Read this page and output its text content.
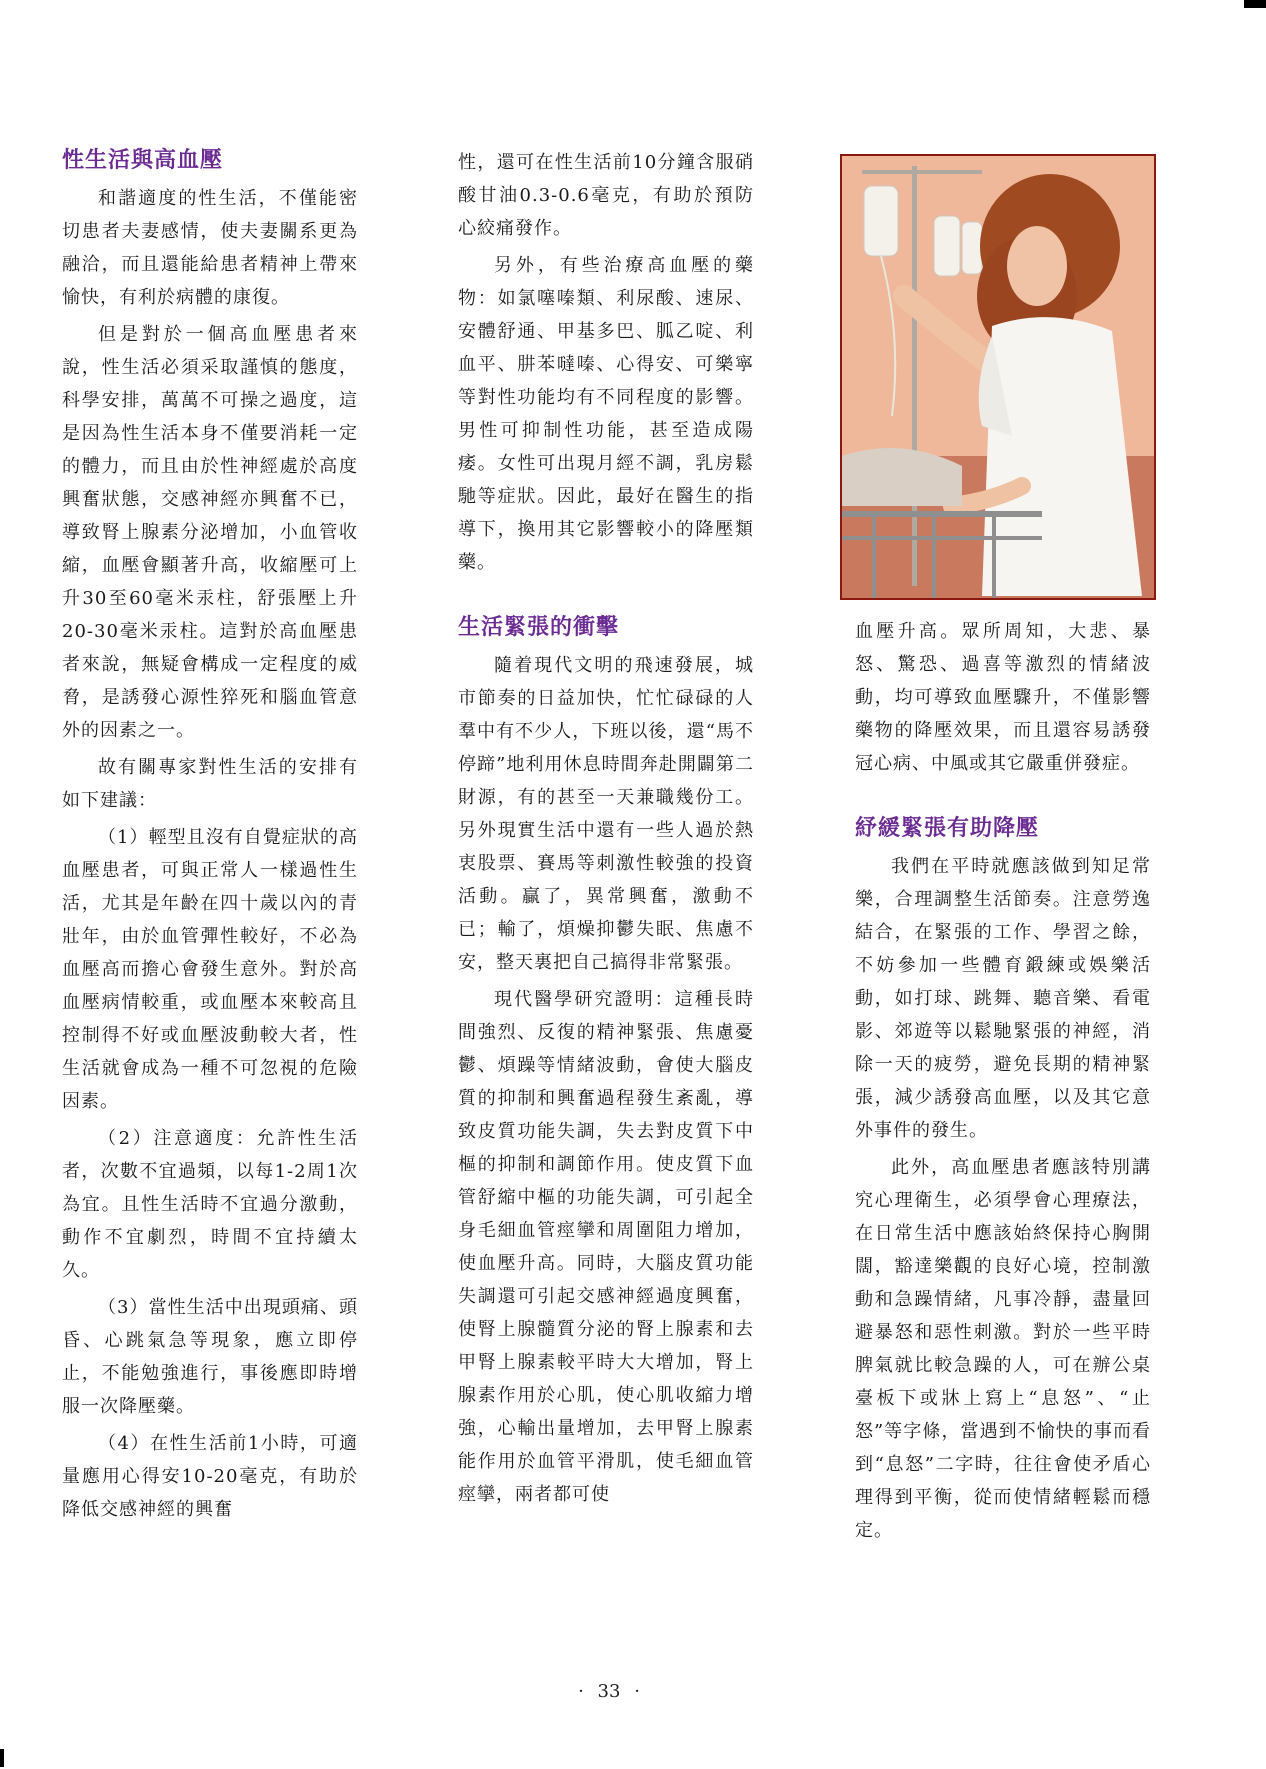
性生活與高血壓

和諧適度的性生活，不僅能密切患者夫妻感情，使夫妻關系更為融洽，而且還能給患者精神上帶來愉快，有利於病體的康復。

但是對於一個高血壓患者來說，性生活必須采取謹慎的態度，科學安排，萬萬不可操之過度，這是因為性生活本身不僅要消耗一定的體力，而且由於性神經處於高度興奮狀態，交感神經亦興奮不已，導致腎上腺素分泌增加，小血管收縮，血壓會顯著升高，收縮壓可上升30至60毫米汞柱，舒張壓上升20-30毫米汞柱。這對於高血壓患者來說，無疑會構成一定程度的威脅，是誘發心源性猝死和腦血管意外的因素之一。

故有關專家對性生活的安排有如下建議：

（1）輕型且沒有自覺症狀的高血壓患者，可與正常人一樣過性生活，尤其是年齡在四十歲以內的青壯年，由於血管彈性較好，不必為血壓高而擔心會發生意外。對於高血壓病情較重，或血壓本來較高且控制得不好或血壓波動較大者，性生活就會成為一種不可忽視的危險因素。

（2）注意適度：允許性生活者，次數不宜過頻，以每1-2周1次為宜。且性生活時不宜過分激動，動作不宜劇烈，時間不宜持續太久。

（3）當性生活中出現頭痛、頭昏、心跳氣急等現象，應立即停止，不能勉強進行，事後應即時增服一次降壓藥。

（4）在性生活前1小時，可適量應用心得安10-20毫克，有助於降低交感神經的興奮

性，還可在性生活前10分鐘含服硝酸甘油0.3-0.6毫克，有助於預防心絞痛發作。

另外，有些治療高血壓的藥物：如氯噻嗪類、利尿酸、速尿、安體舒通、甲基多巴、胍乙啶、利血平、肼苯噠嗪、心得安、可樂寧等對性功能均有不同程度的影響。男性可抑制性功能，甚至造成陽痿。女性可出現月經不調，乳房鬆馳等症狀。因此，最好在醫生的指導下，換用其它影響較小的降壓類藥。

生活緊張的衝擊

隨着現代文明的飛速發展，城市節奏的日益加快，忙忙碌碌的人羣中有不少人，下班以後，還“馬不停蹄”地利用休息時間奔赴開闢第二財源，有的甚至一天兼職幾份工。另外現實生活中還有一些人過於熱衷股票、賽馬等刺激性較強的投資活動。贏了，異常興奮，激動不已；輸了，煩燥抑鬱失眠、焦慮不安，整天裏把自己搞得非常緊張。

現代醫學研究證明：這種長時間強烈、反復的精神緊張、焦慮憂鬱、煩躁等情緒波動，會使大腦皮質的抑制和興奮過程發生紊亂，導致皮質功能失調，失去對皮質下中樞的抑制和調節作用。使皮質下血管舒縮中樞的功能失調，可引起全身毛細血管痙攣和周圍阻力增加，使血壓升高。同時，大腦皮質功能失調還可引起交感神經過度興奮，使腎上腺髓質分泌的腎上腺素和去甲腎上腺素較平時大大增加，腎上腺素作用於心肌，使心肌收縮力增強，心輸出量增加，去甲腎上腺素能作用於血管平滑肌，使毛細血管痙攣，兩者都可使

血壓升高。眾所周知，大悲、暴怒、驚恐、過喜等激烈的情緒波動，均可導致血壓驟升，不僅影響藥物的降壓效果，而且還容易誘發冠心病、中風或其它嚴重併發症。

紓緩緊張有助降壓

我們在平時就應該做到知足常樂，合理調整生活節奏。注意勞逸結合，在緊張的工作、學習之餘，不妨參加一些體育鍛練或娛樂活動，如打球、跳舞、聽音樂、看電影、郊遊等以鬆馳緊張的神經，消除一天的疲勞，避免長期的精神緊張，減少誘發高血壓，以及其它意外事件的發生。

此外，高血壓患者應該特別講究心理衛生，必須學會心理療法，在日常生活中應該始終保持心胸開闊，豁達樂觀的良好心境，控制激動和急躁情緒，凡事冷靜，盡量回避暴怒和惡性刺激。對於一些平時脾氣就比較急躁的人，可在辦公桌臺板下或牀上寫上“息怒”、“止怒”等字條，當遇到不愉快的事而看到“息怒”二字時，往往會使矛盾心理得到平衡，從而使情緒輕鬆而穩定。

· 33 ·
